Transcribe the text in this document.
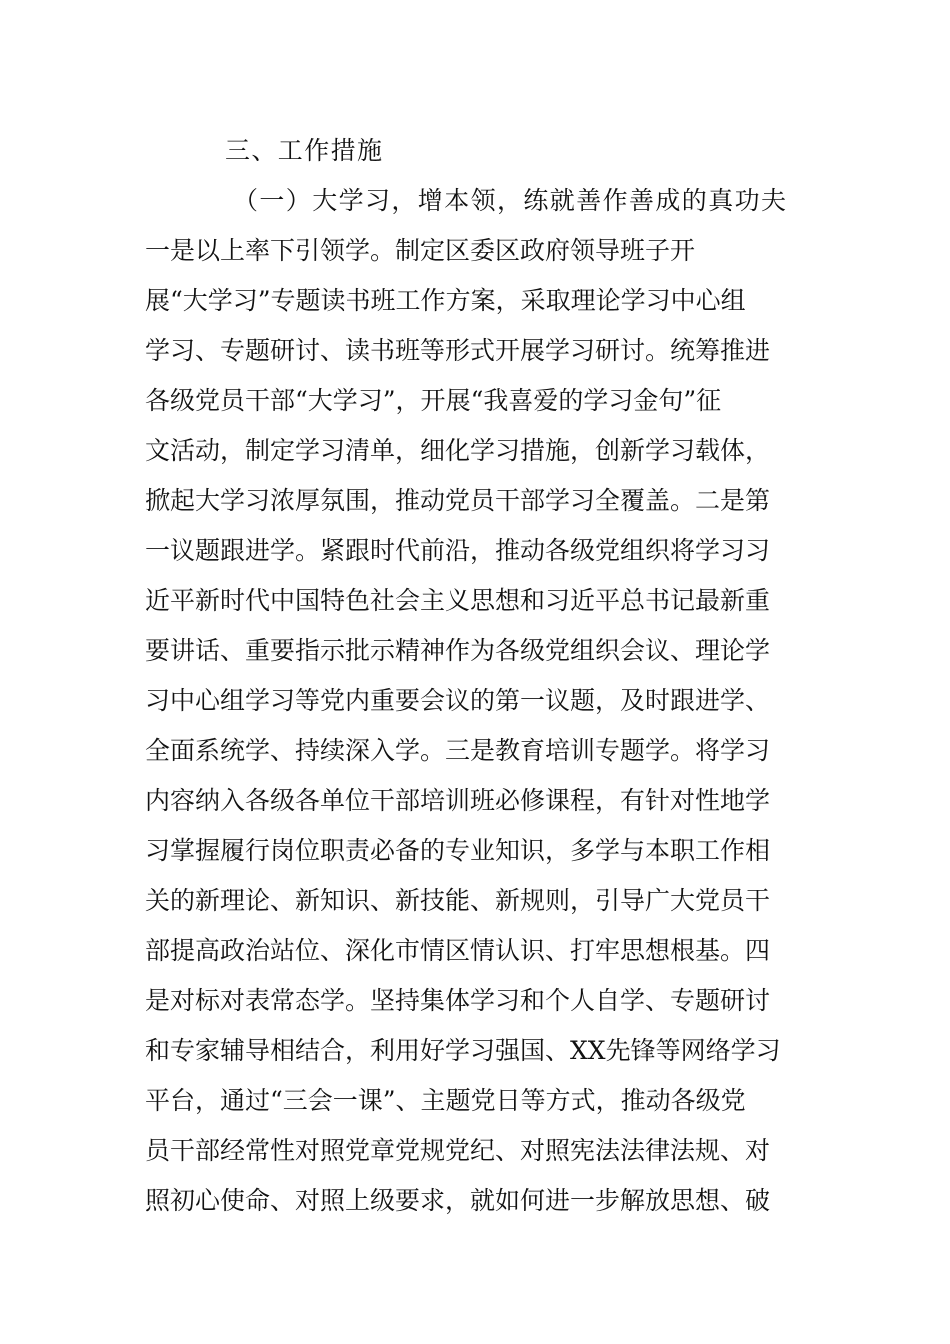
三、工作措施
（一）大学习，增本领，练就善作善成的真功夫
一是以上率下引领学。制定区委区政府领导班子开
展“大学习”专题读书班工作方案，采取理论学习中心组
学习、专题研讨、读书班等形式开展学习研讨。统筹推进
各级党员干部“大学习”，开展“我喜爱的学习金句”征
文活动，制定学习清单，细化学习措施，创新学习载体，
掀起大学习浓厚氛围，推动党员干部学习全覆盖。二是第
一议题跟进学。紧跟时代前沿，推动各级党组织将学习习
近平新时代中国特色社会主义思想和习近平总书记最新重
要讲话、重要指示批示精神作为各级党组织会议、理论学
习中心组学习等党内重要会议的第一议题，及时跟进学、
全面系统学、持续深入学。三是教育培训专题学。将学习
内容纳入各级各单位干部培训班必修课程，有针对性地学
习掌握履行岗位职责必备的专业知识，多学与本职工作相
关的新理论、新知识、新技能、新规则，引导广大党员干
部提高政治站位、深化市情区情认识、打牢思想根基。四
是对标对表常态学。坚持集体学习和个人自学、专题研讨
和专家辅导相结合，利用好学习强国、XX先锋等网络学习
平台，通过“三会一课”、主题党日等方式，推动各级党
员干部经常性对照党章党规党纪、对照宪法法律法规、对
照初心使命、对照上级要求，就如何进一步解放思想、破
